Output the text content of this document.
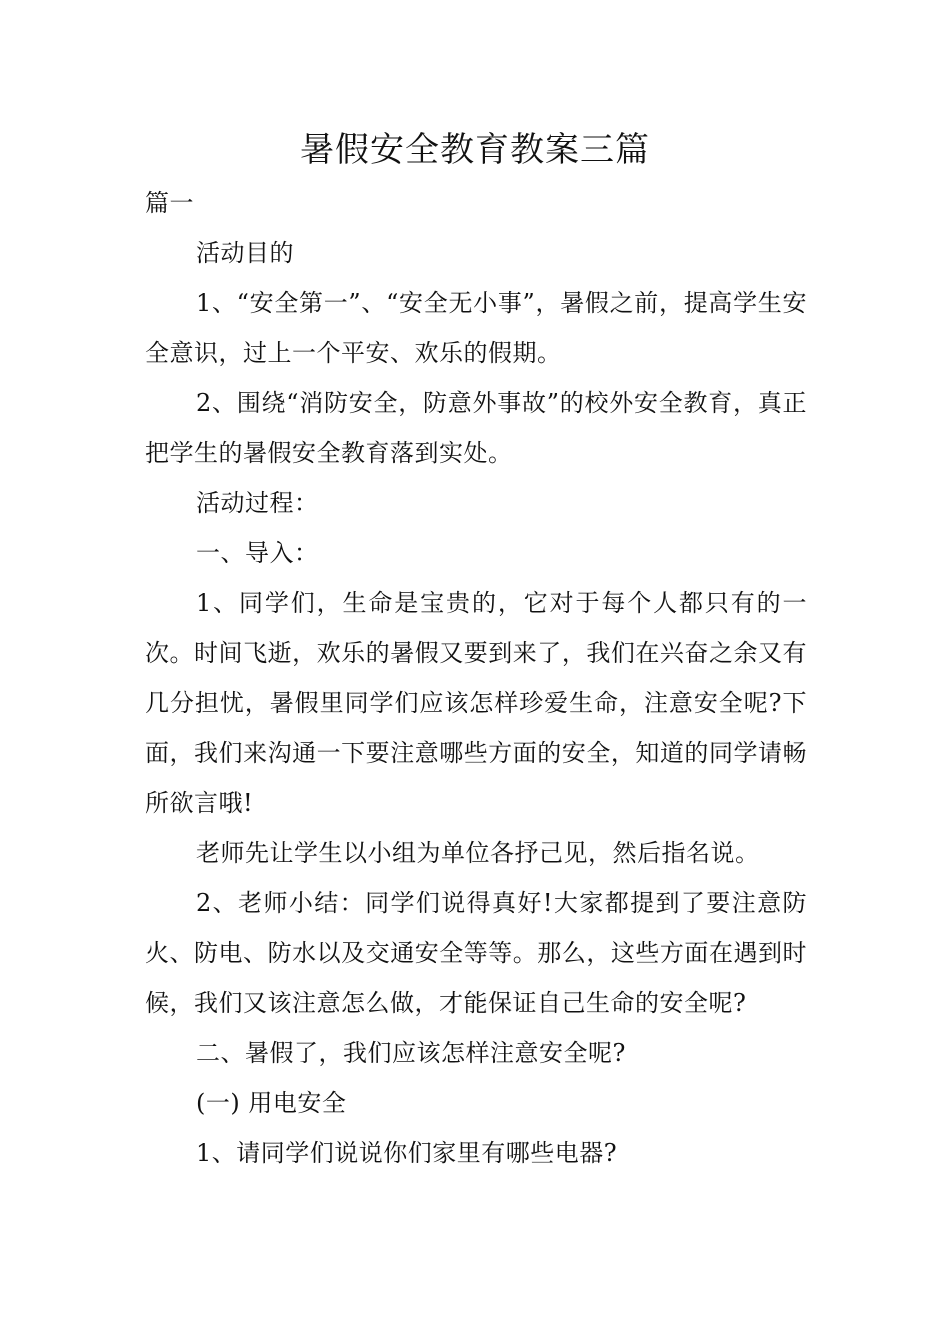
暑假安全教育教案三篇

篇一

活动目的

1、“安全第一”、“安全无小事”，暑假之前，提高学生安全意识，过上一个平安、欢乐的假期。

2、围绕“消防安全，防意外事故”的校外安全教育，真正把学生的暑假安全教育落到实处。

活动过程：

一、导入：

1、同学们，生命是宝贵的，它对于每个人都只有的一次。时间飞逝，欢乐的暑假又要到来了，我们在兴奋之余又有几分担忧，暑假里同学们应该怎样珍爱生命，注意安全呢?下面，我们来沟通一下要注意哪些方面的安全，知道的同学请畅所欲言哦!

老师先让学生以小组为单位各抒己见，然后指名说。

2、老师小结：同学们说得真好!大家都提到了要注意防火、防电、防水以及交通安全等等。那么，这些方面在遇到时候，我们又该注意怎么做，才能保证自己生命的安全呢?

二、暑假了，我们应该怎样注意安全呢?

(一) 用电安全

1、请同学们说说你们家里有哪些电器?
